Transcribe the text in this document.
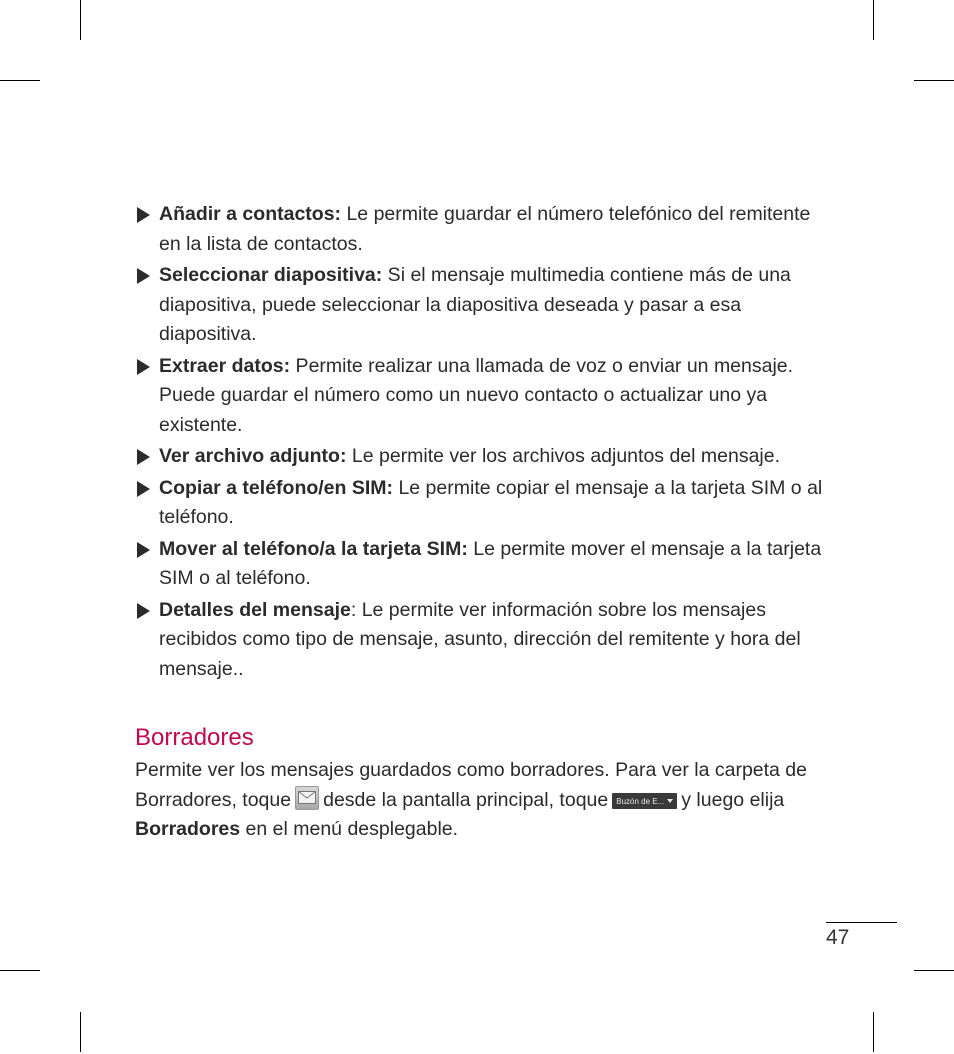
Añadir a contactos: Le permite guardar el número telefónico del remitente en la lista de contactos.
Seleccionar diapositiva: Si el mensaje multimedia contiene más de una diapositiva, puede seleccionar la diapositiva deseada y pasar a esa diapositiva.
Extraer datos: Permite realizar una llamada de voz o enviar un mensaje. Puede guardar el número como un nuevo contacto o actualizar uno ya existente.
Ver archivo adjunto: Le permite ver los archivos adjuntos del mensaje.
Copiar a teléfono/en SIM: Le permite copiar el mensaje a la tarjeta SIM o al teléfono.
Mover al teléfono/a la tarjeta SIM: Le permite mover el mensaje a la tarjeta SIM o al teléfono.
Detalles del mensaje: Le permite ver información sobre los mensajes recibidos como tipo de mensaje, asunto, dirección del remitente y hora del mensaje..
Borradores

Permite ver los mensajes guardados como borradores. Para ver la carpeta de Borradores, toque desde la pantalla principal, toque Buzón de E... y luego elija Borradores en el menú desplegable.

47
